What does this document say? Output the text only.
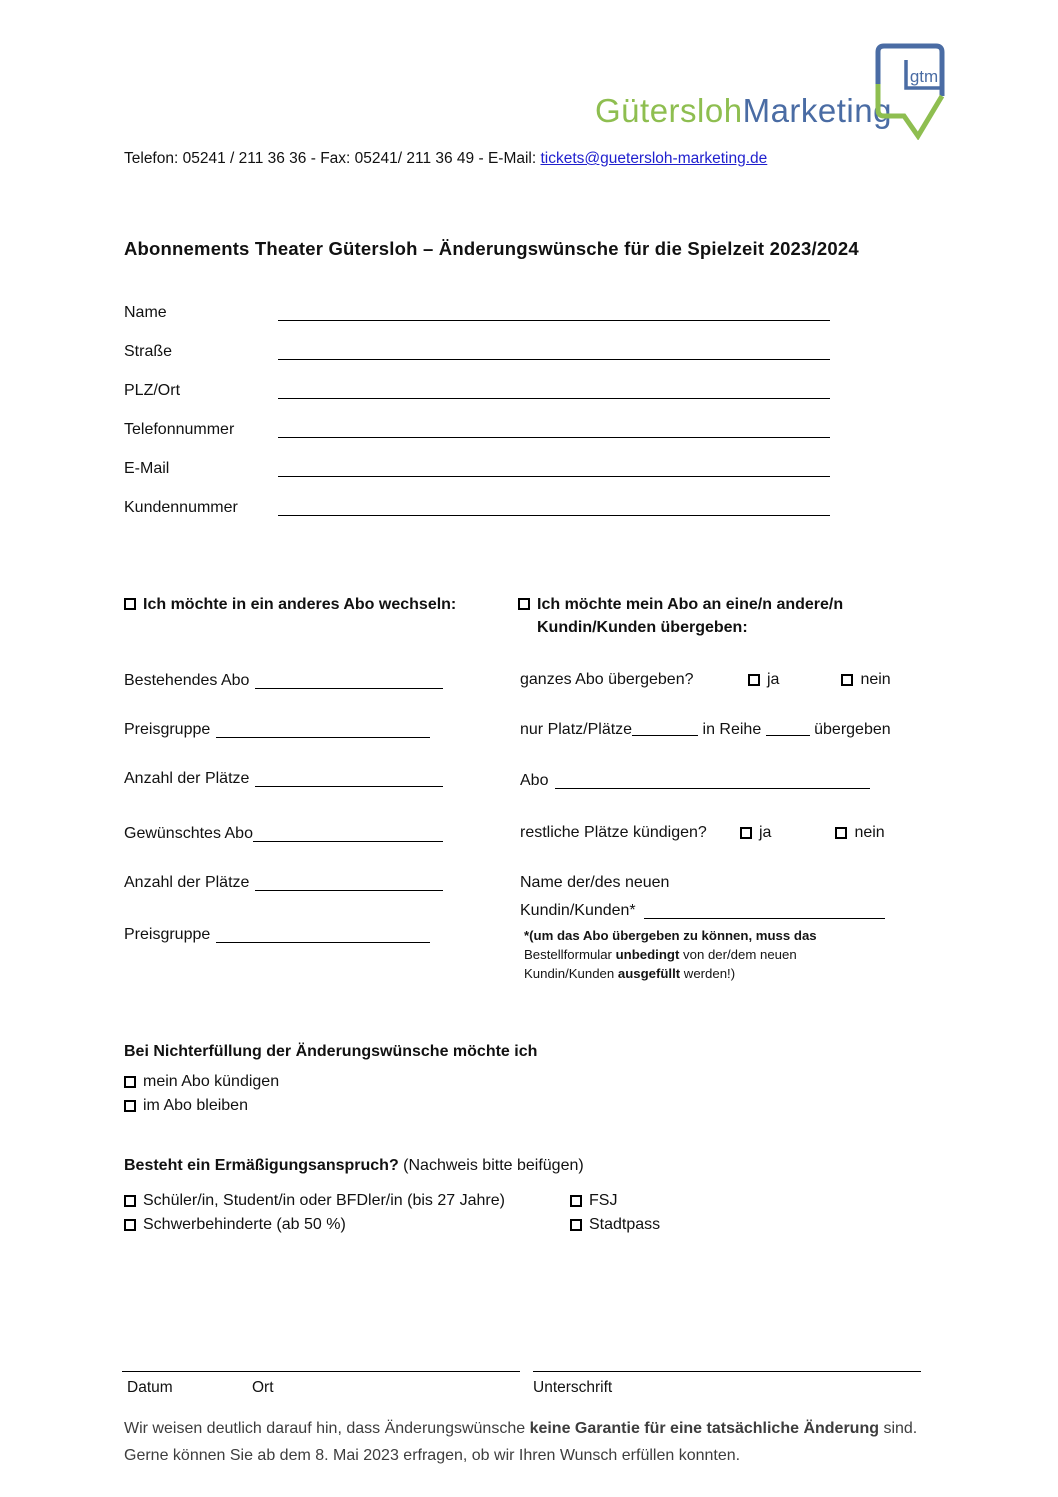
GüterslohMarketing
gtm
Telefon: 05241 / 211 36 36 - Fax: 05241/ 211 36 49 - E-Mail: tickets@guetersloh-marketing.de
Abonnements Theater Gütersloh – Änderungswünsche für die Spielzeit 2023/2024
Name
Straße
PLZ/Ort
Telefonnummer
E-Mail
Kundennummer
Ich möchte in ein anderes Abo wechseln:	Ich möchte mein Abo an eine/n andere/n
Kundin/Kunden übergeben:
Bestehendes Abo
Preisgruppe
Anzahl der Plätze
Gewünschtes Abo
Anzahl der Plätze
Preisgruppe
ganzes Abo übergeben?	ja	nein
nur Platz/Plätze	in Reihe	übergeben
Abo
restliche Plätze kündigen?	ja	nein
Name der/des neuen
Kundin/Kunden*
*(um das Abo übergeben zu können, muss das
Bestellformular unbedingt von der/dem neuen
Kundin/Kunden ausgefüllt werden!)
Bei Nichterfüllung der Änderungswünsche möchte ich
mein Abo kündigen
im Abo bleiben
Besteht ein Ermäßigungsanspruch? (Nachweis bitte beifügen)
Schüler/in, Student/in oder BFDler/in (bis 27 Jahre)
Schwerbehinderte (ab 50 %)
FSJ
Stadtpass
Datum	Ort	Unterschrift
Wir weisen deutlich darauf hin, dass Änderungswünsche keine Garantie für eine tatsächliche Änderung sind. Gerne können Sie ab dem 8. Mai 2023 erfragen, ob wir Ihren Wunsch erfüllen konnten.
